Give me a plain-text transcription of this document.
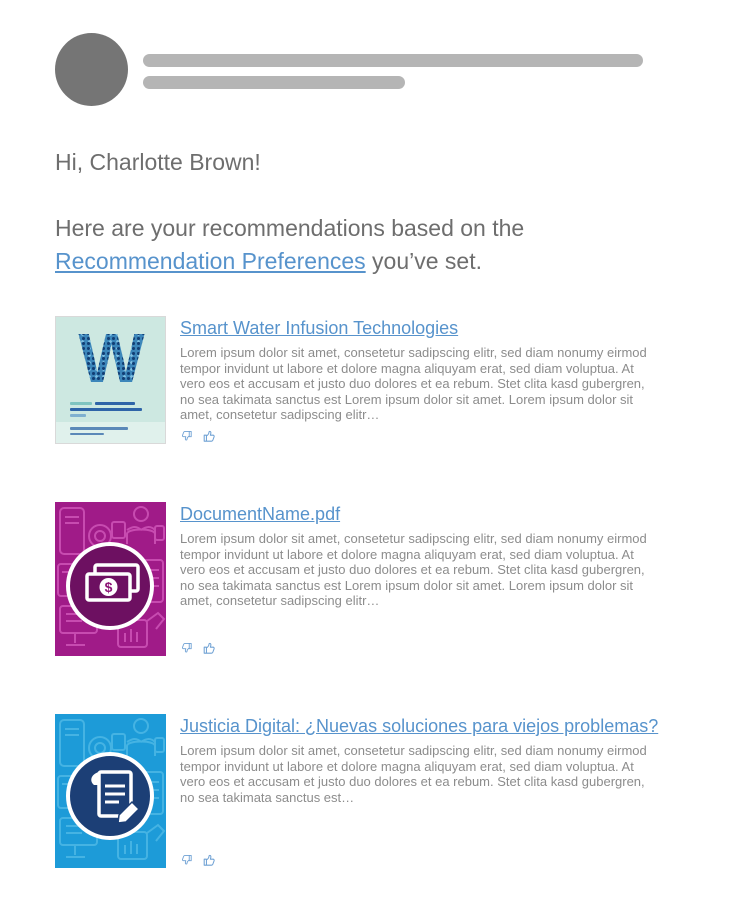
Hi, Charlotte Brown!
Here are your recommendations based on the Recommendation Preferences you’ve set.
W	Smart Water Infusion Technologies
Lorem ipsum dolor sit amet, consetetur sadipscing elitr, sed diam nonumy eirmod tempor invidunt ut labore et dolore magna aliquyam erat, sed diam voluptua. At vero eos et accusam et justo duo dolores et ea rebum. Stet clita kasd gubergren, no sea takimata sanctus est Lorem ipsum dolor sit amet. Lorem ipsum dolor sit amet, consetetur sadipscing elitr…
$
DocumentName.pdf
Lorem ipsum dolor sit amet, consetetur sadipscing elitr, sed diam nonumy eirmod tempor invidunt ut labore et dolore magna aliquyam erat, sed diam voluptua. At vero eos et accusam et justo duo dolores et ea rebum. Stet clita kasd gubergren, no sea takimata sanctus est Lorem ipsum dolor sit amet. Lorem ipsum dolor sit amet, consetetur sadipscing elitr…
Justicia Digital: ¿Nuevas soluciones para viejos problemas?
Lorem ipsum dolor sit amet, consetetur sadipscing elitr, sed diam nonumy eirmod tempor invidunt ut labore et dolore magna aliquyam erat, sed diam voluptua. At vero eos et accusam et justo duo dolores et ea rebum. Stet clita kasd gubergren, no sea takimata sanctus est…
